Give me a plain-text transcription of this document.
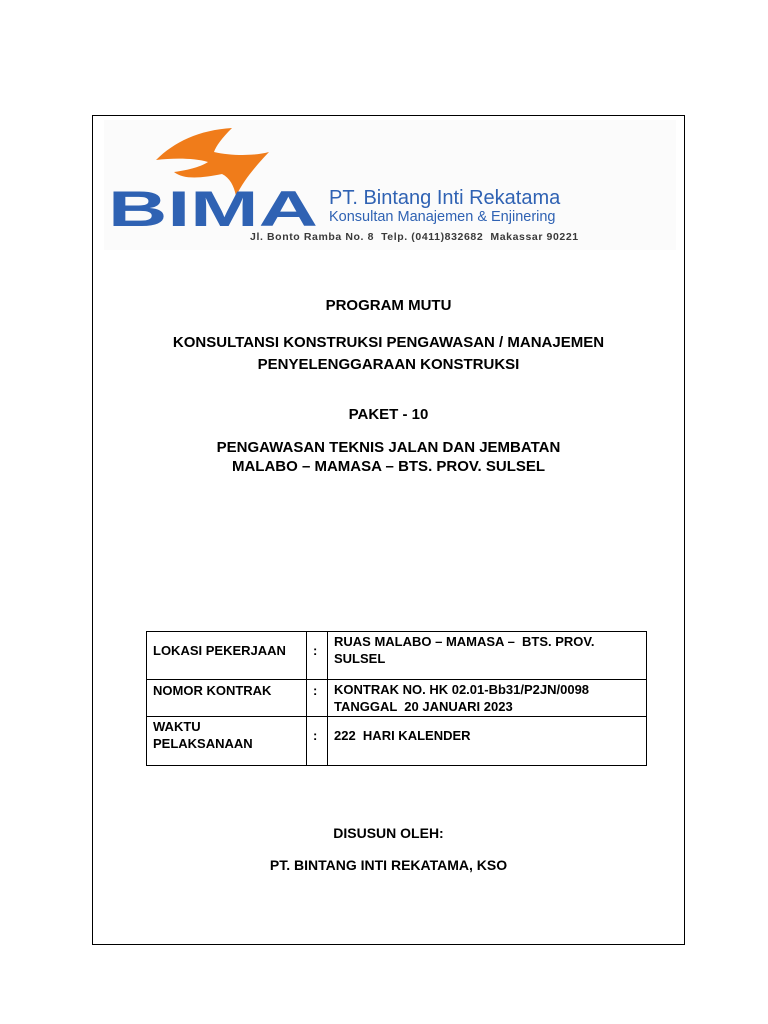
BIMA PT. Bintang Inti Rekatama
Konsultan Manajemen & Enjinering
Jl. Bonto Ramba No. 8  Telp. (0411)832682  Makassar 90221
PROGRAM MUTU
KONSULTANSI KONSTRUKSI PENGAWASAN / MANAJEMEN
PENYELENGGARAAN KONSTRUKSI
PAKET - 10
PENGAWASAN TEKNIS JALAN DAN JEMBATAN
MALABO – MAMASA – BTS. PROV. SULSEL
LOKASI PEKERJAAN	:	RUAS MALABO – MAMASA –  BTS. PROV.
SULSEL

NOMOR KONTRAK	:	KONTRAK NO. HK 02.01-Bb31/P2JN/0098
TANGGAL  20 JANUARI 2023

WAKTU
PELAKSANAAN	:	222  HARI KALENDER
DISUSUN OLEH:
PT. BINTANG INTI REKATAMA, KSO
